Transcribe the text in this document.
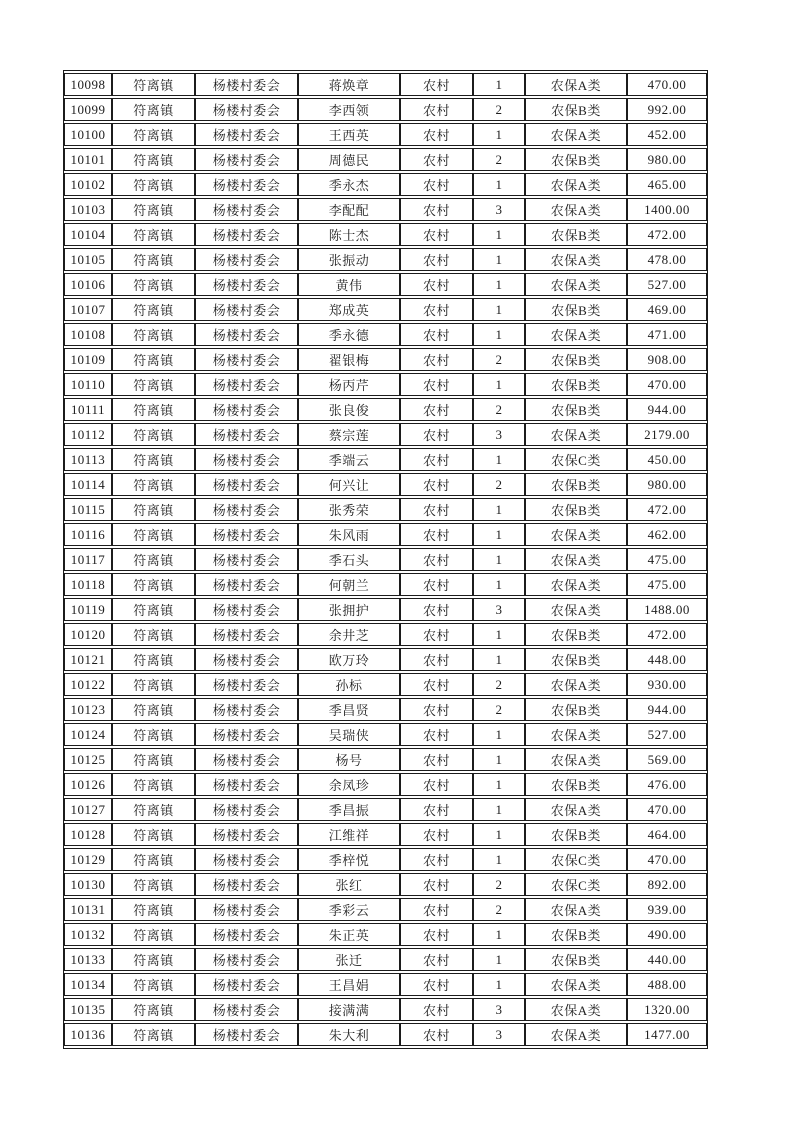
10098	符离镇	杨楼村委会	蒋焕章	农村	1	农保A类	470.00
10099	符离镇	杨楼村委会	李西领	农村	2	农保B类	992.00
10100	符离镇	杨楼村委会	王西英	农村	1	农保A类	452.00
10101	符离镇	杨楼村委会	周德民	农村	2	农保B类	980.00
10102	符离镇	杨楼村委会	季永杰	农村	1	农保A类	465.00
10103	符离镇	杨楼村委会	李配配	农村	3	农保A类	1400.00
10104	符离镇	杨楼村委会	陈士杰	农村	1	农保B类	472.00
10105	符离镇	杨楼村委会	张振动	农村	1	农保A类	478.00
10106	符离镇	杨楼村委会	黄伟	农村	1	农保A类	527.00
10107	符离镇	杨楼村委会	郑成英	农村	1	农保B类	469.00
10108	符离镇	杨楼村委会	季永德	农村	1	农保A类	471.00
10109	符离镇	杨楼村委会	翟银梅	农村	2	农保B类	908.00
10110	符离镇	杨楼村委会	杨丙芹	农村	1	农保B类	470.00
10111	符离镇	杨楼村委会	张良俊	农村	2	农保B类	944.00
10112	符离镇	杨楼村委会	蔡宗莲	农村	3	农保A类	2179.00
10113	符离镇	杨楼村委会	季端云	农村	1	农保C类	450.00
10114	符离镇	杨楼村委会	何兴让	农村	2	农保B类	980.00
10115	符离镇	杨楼村委会	张秀荣	农村	1	农保B类	472.00
10116	符离镇	杨楼村委会	朱风雨	农村	1	农保A类	462.00
10117	符离镇	杨楼村委会	季石头	农村	1	农保A类	475.00
10118	符离镇	杨楼村委会	何朝兰	农村	1	农保A类	475.00
10119	符离镇	杨楼村委会	张拥护	农村	3	农保A类	1488.00
10120	符离镇	杨楼村委会	余井芝	农村	1	农保B类	472.00
10121	符离镇	杨楼村委会	欧万玲	农村	1	农保B类	448.00
10122	符离镇	杨楼村委会	孙标	农村	2	农保A类	930.00
10123	符离镇	杨楼村委会	季昌贤	农村	2	农保B类	944.00
10124	符离镇	杨楼村委会	吴瑞侠	农村	1	农保A类	527.00
10125	符离镇	杨楼村委会	杨号	农村	1	农保A类	569.00
10126	符离镇	杨楼村委会	余凤珍	农村	1	农保B类	476.00
10127	符离镇	杨楼村委会	季昌振	农村	1	农保A类	470.00
10128	符离镇	杨楼村委会	江维祥	农村	1	农保B类	464.00
10129	符离镇	杨楼村委会	季梓悦	农村	1	农保C类	470.00
10130	符离镇	杨楼村委会	张红	农村	2	农保C类	892.00
10131	符离镇	杨楼村委会	季彩云	农村	2	农保A类	939.00
10132	符离镇	杨楼村委会	朱正英	农村	1	农保B类	490.00
10133	符离镇	杨楼村委会	张迁	农村	1	农保B类	440.00
10134	符离镇	杨楼村委会	王昌娟	农村	1	农保A类	488.00
10135	符离镇	杨楼村委会	接满满	农村	3	农保A类	1320.00
10136	符离镇	杨楼村委会	朱大利	农村	3	农保A类	1477.00
